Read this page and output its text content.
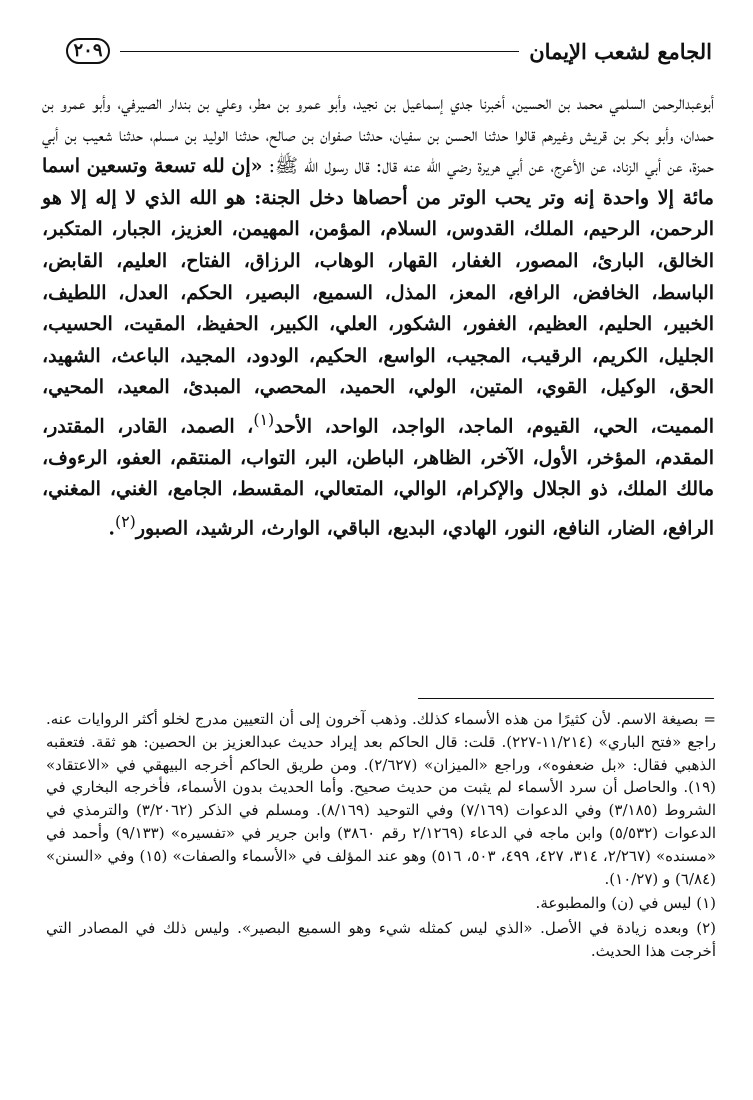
الجامع لشعب الإيمان
٢٠٩

أبوعبدالرحمن السلمي محمد بن الحسين، أخبرنا جدي إسماعيل بن نجيد، وأبو عمرو بن مطر، وعلي بن بندار الصيرفي، وأبو عمرو بن حمدان، وأبو بكر بن قريش وغيرهم قالوا حدثنا الحسن بن سفيان، حدثنا صفوان بن صالح، حدثنا الوليد بن مسلم، حدثنا شعيب بن أبي حمزة، عن أبي الزناد، عن الأعرج، عن أبي هريرة رضي الله عنه قال: قال رسول الله ﷺ: «إن لله تسعة وتسعين اسما مائة إلا واحدة إنه وتر يحب الوتر من أحصاها دخل الجنة: هو الله الذي لا إله إلا هو الرحمن، الرحيم، الملك، القدوس، السلام، المؤمن، المهيمن، العزيز، الجبار، المتكبر، الخالق، البارئ، المصور، الغفار، القهار، الوهاب، الرزاق، الفتاح، العليم، القابض، الباسط، الخافض، الرافع، المعز، المذل، السميع، البصير، الحكم، العدل، اللطيف، الخبير، الحليم، العظيم، الغفور، الشكور، العلي، الكبير، الحفيظ، المقيت، الحسيب، الجليل، الكريم، الرقيب، المجيب، الواسع، الحكيم، الودود، المجيد، الباعث، الشهيد، الحق، الوكيل، القوي، المتين، الولي، الحميد، المحصي، المبدئ، المعيد، المحيي، المميت، الحي، القيوم، الماجد، الواجد، الواحد، الأحد$^{(١)}$، الصمد، القادر، المقتدر، المقدم، المؤخر، الأول، الآخر، الظاهر، الباطن، البر، التواب، المنتقم، العفو، الرءوف، مالك الملك، ذو الجلال والإكرام، الوالي، المتعالي، المقسط، الجامع، الغني، المغني، الرافع، الضار، النافع، النور، الهادي، البديع، الباقي، الوارث، الرشيد، الصبور$^{(٢)}$.

= بصيغة الاسم. لأن كثيرًا من هذه الأسماء كذلك. وذهب آخرون إلى أن التعيين مدرج لخلو أكثر الروايات عنه. راجع «فتح الباري» (١١/٢١٤-٢٢٧). قلت: قال الحاكم بعد إيراد حديث عبدالعزيز بن الحصين: هو ثقة. فتعقبه الذهبي فقال: «بل ضعفوه»، وراجع «الميزان» (٢/٦٢٧). ومن طريق الحاكم أخرجه البيهقي في «الاعتقاد» (١٩). والحاصل أن سرد الأسماء لم يثبت من حديث صحيح. وأما الحديث بدون الأسماء، فأخرجه البخاري في الشروط (٣/١٨٥) وفي الدعوات (٧/١٦٩) وفي التوحيد (٨/١٦٩). ومسلم في الذكر (٣/٢٠٦٢) والترمذي في الدعوات (٥/٥٣٢) وابن ماجه في الدعاء (٢/١٢٦٩ رقم ٣٨٦٠) وابن جرير في «تفسيره» (٩/١٣٣) وأحمد في «مسنده» (٢/٢٦٧، ٣١٤، ٤٢٧، ٤٩٩، ٥٠٣، ٥١٦) وهو عند المؤلف في «الأسماء والصفات» (١٥) وفي «السنن» (٦/٨٤) و (١٠/٢٧).

(١) ليس في (ن) والمطبوعة.

(٢) وبعده زيادة في الأصل. «الذي ليس كمثله شيء وهو السميع البصير». وليس ذلك في المصادر التي أخرجت هذا الحديث.
